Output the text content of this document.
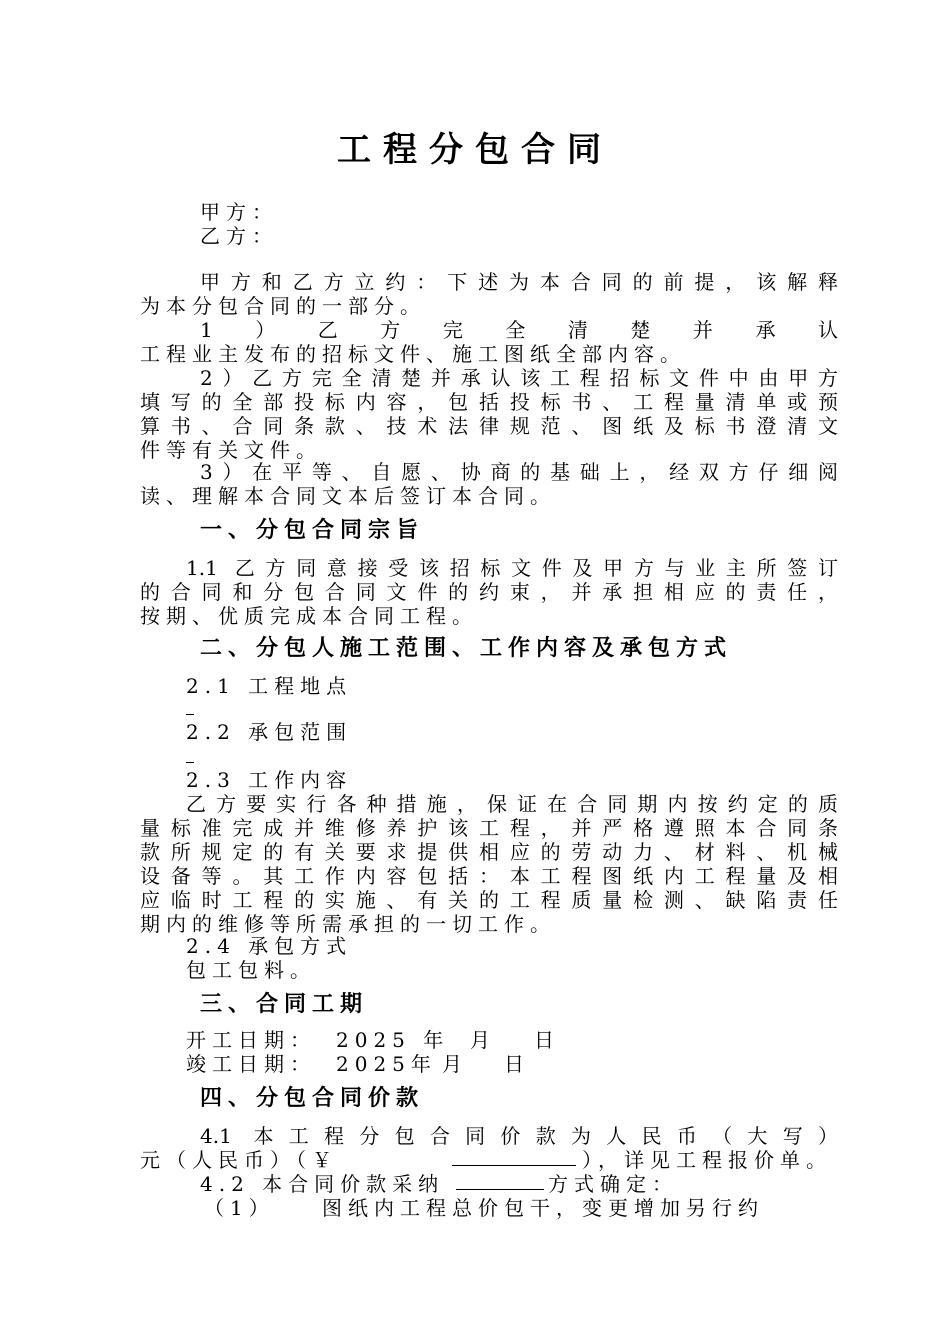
工程分包合同
甲方：
乙方：
甲方和乙方立约：下述为本合同的前提，该解释
为本分包合同的一部分。
1）乙方完全清楚并承认
工程业主发布的招标文件、施工图纸全部内容。
2）乙方完全清楚并承认该工程招标文件中由甲方
填写的全部投标内容，包括投标书、工程量清单或预
算书、合同条款、技术法律规范、图纸及标书澄清文
件等有关文件。
3）在平等、自愿、协商的基础上，经双方仔细阅
读、理解本合同文本后签订本合同。
一、分包合同宗旨
1.1 乙方同意接受该招标文件及甲方与业主所签订
的合同和分包合同文件的约束，并承担相应的责任，
按期、优质完成本合同工程。
二、分包人施工范围、工作内容及承包方式
2.1 工程地点
2.2 承包范围
2.3 工作内容
乙方要实行各种措施，保证在合同期内按约定的质
量标准完成并维修养护该工程，并严格遵照本合同条
款所规定的有关要求提供相应的劳动力、材料、机械
设备等。其工作内容包括：本工程图纸内工程量及相
应临时工程的实施、有关的工程质量检测、缺陷责任
期内的维修等所需承担的一切工作。
2.4 承包方式
包工包料。
三、合同工期
开工日期： 2025 年 月 日
竣工日期： 2025年 月 日
四、分包合同价款
4.1 本工程分包合同价款为人民币（大写）
元（人民币）（￥	），详见工程报价单。
4.2 本合同价款采纳	方式确定：
（1） 图纸内工程总价包干，变更增加另行约
